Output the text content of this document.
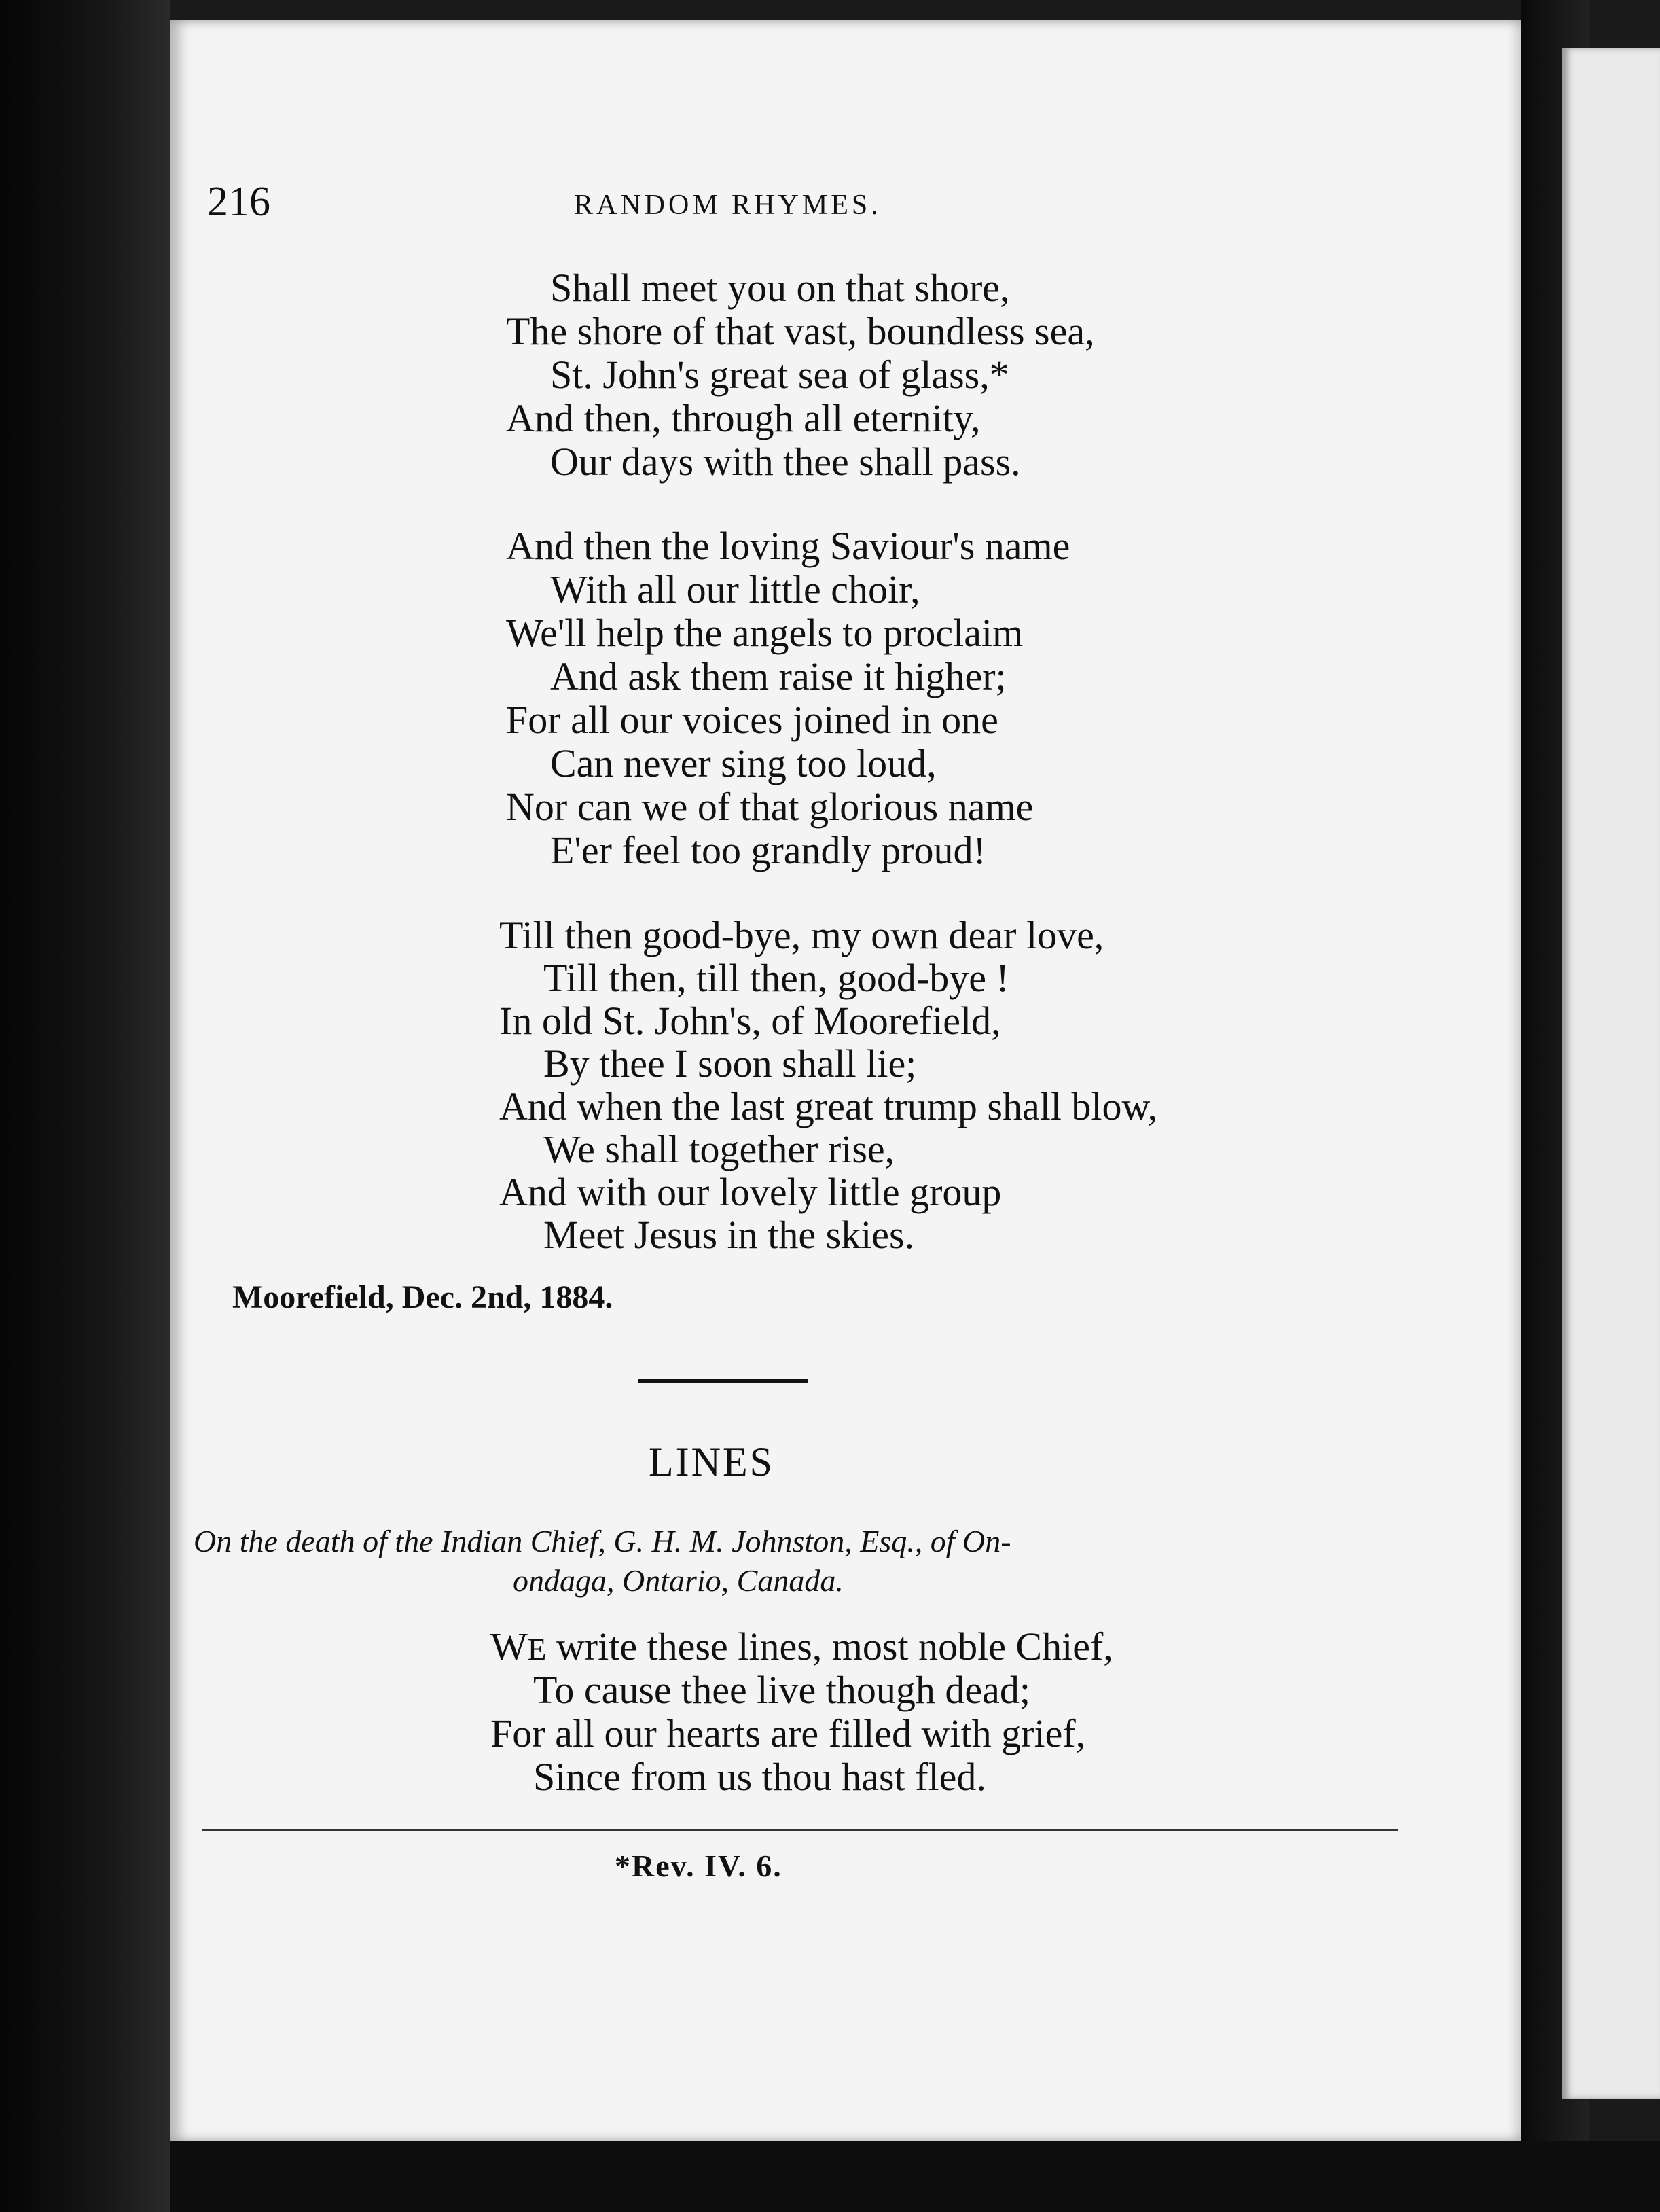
216	RANDOM RHYMES.
Shall meet you on that shore,
The shore of that vast, boundless sea,
St. John's great sea of glass,*
And then, through all eternity,
Our days with thee shall pass.
And then the loving Saviour's name
With all our little choir,
We'll help the angels to proclaim
And ask them raise it higher;
For all our voices joined in one
Can never sing too loud,
Nor can we of that glorious name
E'er feel too grandly proud!
Till then good-bye, my own dear love,
Till then, till then, good-bye !
In old St. John's, of Moorefield,
By thee I soon shall lie;
And when the last great trump shall blow,
We shall together rise,
And with our lovely little group
Meet Jesus in the skies.
Moorefield, Dec. 2nd, 1884.
LINES
On the death of the Indian Chief, G. H. M. Johnston, Esq., of On-
ondaga, Ontario, Canada.
WE write these lines, most noble Chief,
To cause thee live though dead;
For all our hearts are filled with grief,
Since from us thou hast fled.
*Rev. IV. 6.
